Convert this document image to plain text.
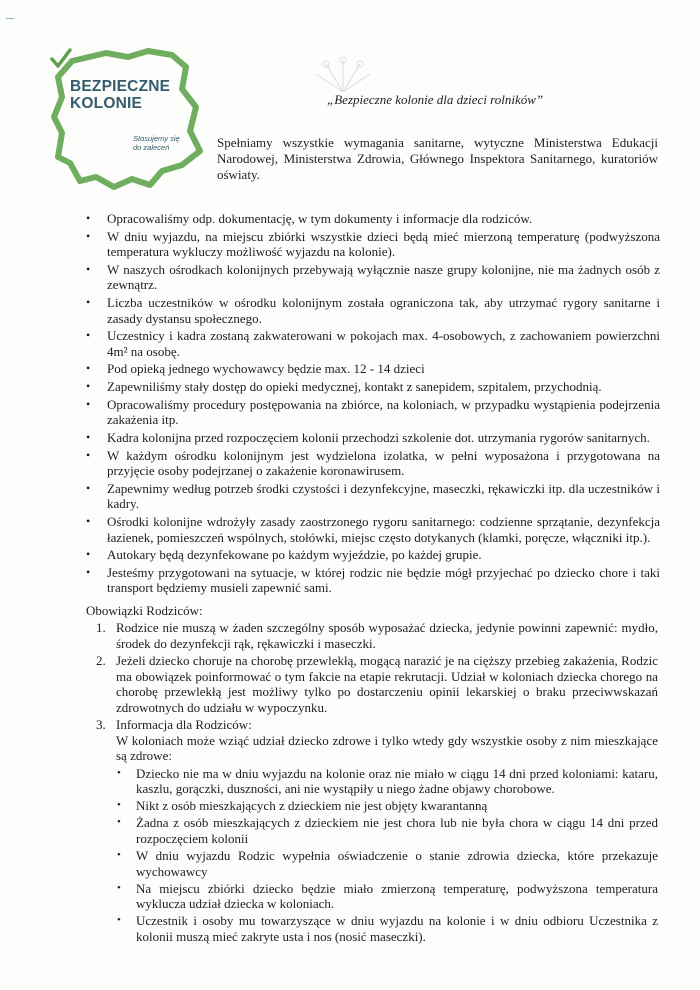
BEZPIECZNE
KOLONIE
Stosujemy się
do zaleceń
„Bezpieczne kolonie dla dzieci rolników”

Spełniamy wszystkie wymagania sanitarne, wytyczne Ministerstwa Edukacji Narodowej, Ministerstwa Zdrowia, Głównego Inspektora Sanitarnego, kuratoriów oświaty.

• Opracowaliśmy odp. dokumentację, w tym dokumenty i informacje dla rodziców.
• W dniu wyjazdu, na miejscu zbiórki wszystkie dzieci będą mieć mierzoną temperaturę (podwyższona temperatura wykluczy możliwość wyjazdu na kolonie).
• W naszych ośrodkach kolonijnych przebywają wyłącznie nasze grupy kolonijne, nie ma żadnych osób z zewnątrz.
• Liczba uczestników w ośrodku kolonijnym została ograniczona tak, aby utrzymać rygory sanitarne i zasady dystansu społecznego.
• Uczestnicy i kadra zostaną zakwaterowani w pokojach max. 4-osobowych, z zachowaniem powierzchni 4m² na osobę.
• Pod opieką jednego wychowawcy będzie max. 12 - 14 dzieci
• Zapewniliśmy stały dostęp do opieki medycznej, kontakt z sanepidem, szpitalem, przychodnią.
• Opracowaliśmy procedury postępowania na zbiórce, na koloniach, w przypadku wystąpienia podejrzenia zakażenia itp.
• Kadra kolonijna przed rozpoczęciem kolonii przechodzi szkolenie dot. utrzymania rygorów sanitarnych.
• W każdym ośrodku kolonijnym jest wydzielona izolatka, w pełni wyposażona i przygotowana na przyjęcie osoby podejrzanej o zakażenie koronawirusem.
• Zapewnimy według potrzeb środki czystości i dezynfekcyjne, maseczki, rękawiczki itp. dla uczestników i kadry.
• Ośrodki kolonijne wdrożyły zasady zaostrzonego rygoru sanitarnego: codzienne sprzątanie, dezynfekcja łazienek, pomieszczeń wspólnych, stołówki, miejsc często dotykanych (klamki, poręcze, włączniki itp.).
• Autokary będą dezynfekowane po każdym wyjeździe, po każdej grupie.
• Jesteśmy przygotowani na sytuacje, w której rodzic nie będzie mógł przyjechać po dziecko chore i taki transport będziemy musieli zapewnić sami.

Obowiązki Rodziców:

1. Rodzice nie muszą w żaden szczególny sposób wyposażać dziecka, jedynie powinni zapewnić: mydło, środek do dezynfekcji rąk, rękawiczki i maseczki.
2. Jeżeli dziecko choruje na chorobę przewlekłą, mogącą narazić je na cięższy przebieg zakażenia, Rodzic ma obowiązek poinformować o tym fakcie na etapie rekrutacji. Udział w koloniach dziecka chorego na chorobę przewlekłą jest możliwy tylko po dostarczeniu opinii lekarskiej o braku przeciwwskazań zdrowotnych do udziału w wypoczynku.
3. Informacja dla Rodziców:
W koloniach może wziąć udział dziecko zdrowe i tylko wtedy gdy wszystkie osoby z nim mieszkające są zdrowe:
• Dziecko nie ma w dniu wyjazdu na kolonie oraz nie miało w ciągu 14 dni przed koloniami: kataru, kaszlu, gorączki, duszności, ani nie wystąpiły u niego żadne objawy chorobowe.
• Nikt z osób mieszkających z dzieckiem nie jest objęty kwarantanną
• Żadna z osób mieszkających z dzieckiem nie jest chora lub nie była chora w ciągu 14 dni przed rozpoczęciem kolonii
• W dniu wyjazdu Rodzic wypełnia oświadczenie o stanie zdrowia dziecka, które przekazuje wychowawcy
• Na miejscu zbiórki dziecko będzie miało zmierzoną temperaturę, podwyższona temperatura wyklucza udział dziecka w koloniach.
• Uczestnik i osoby mu towarzyszące w dniu wyjazdu na kolonie i w dniu odbioru Uczestnika z kolonii muszą mieć zakryte usta i nos (nosić maseczki).
